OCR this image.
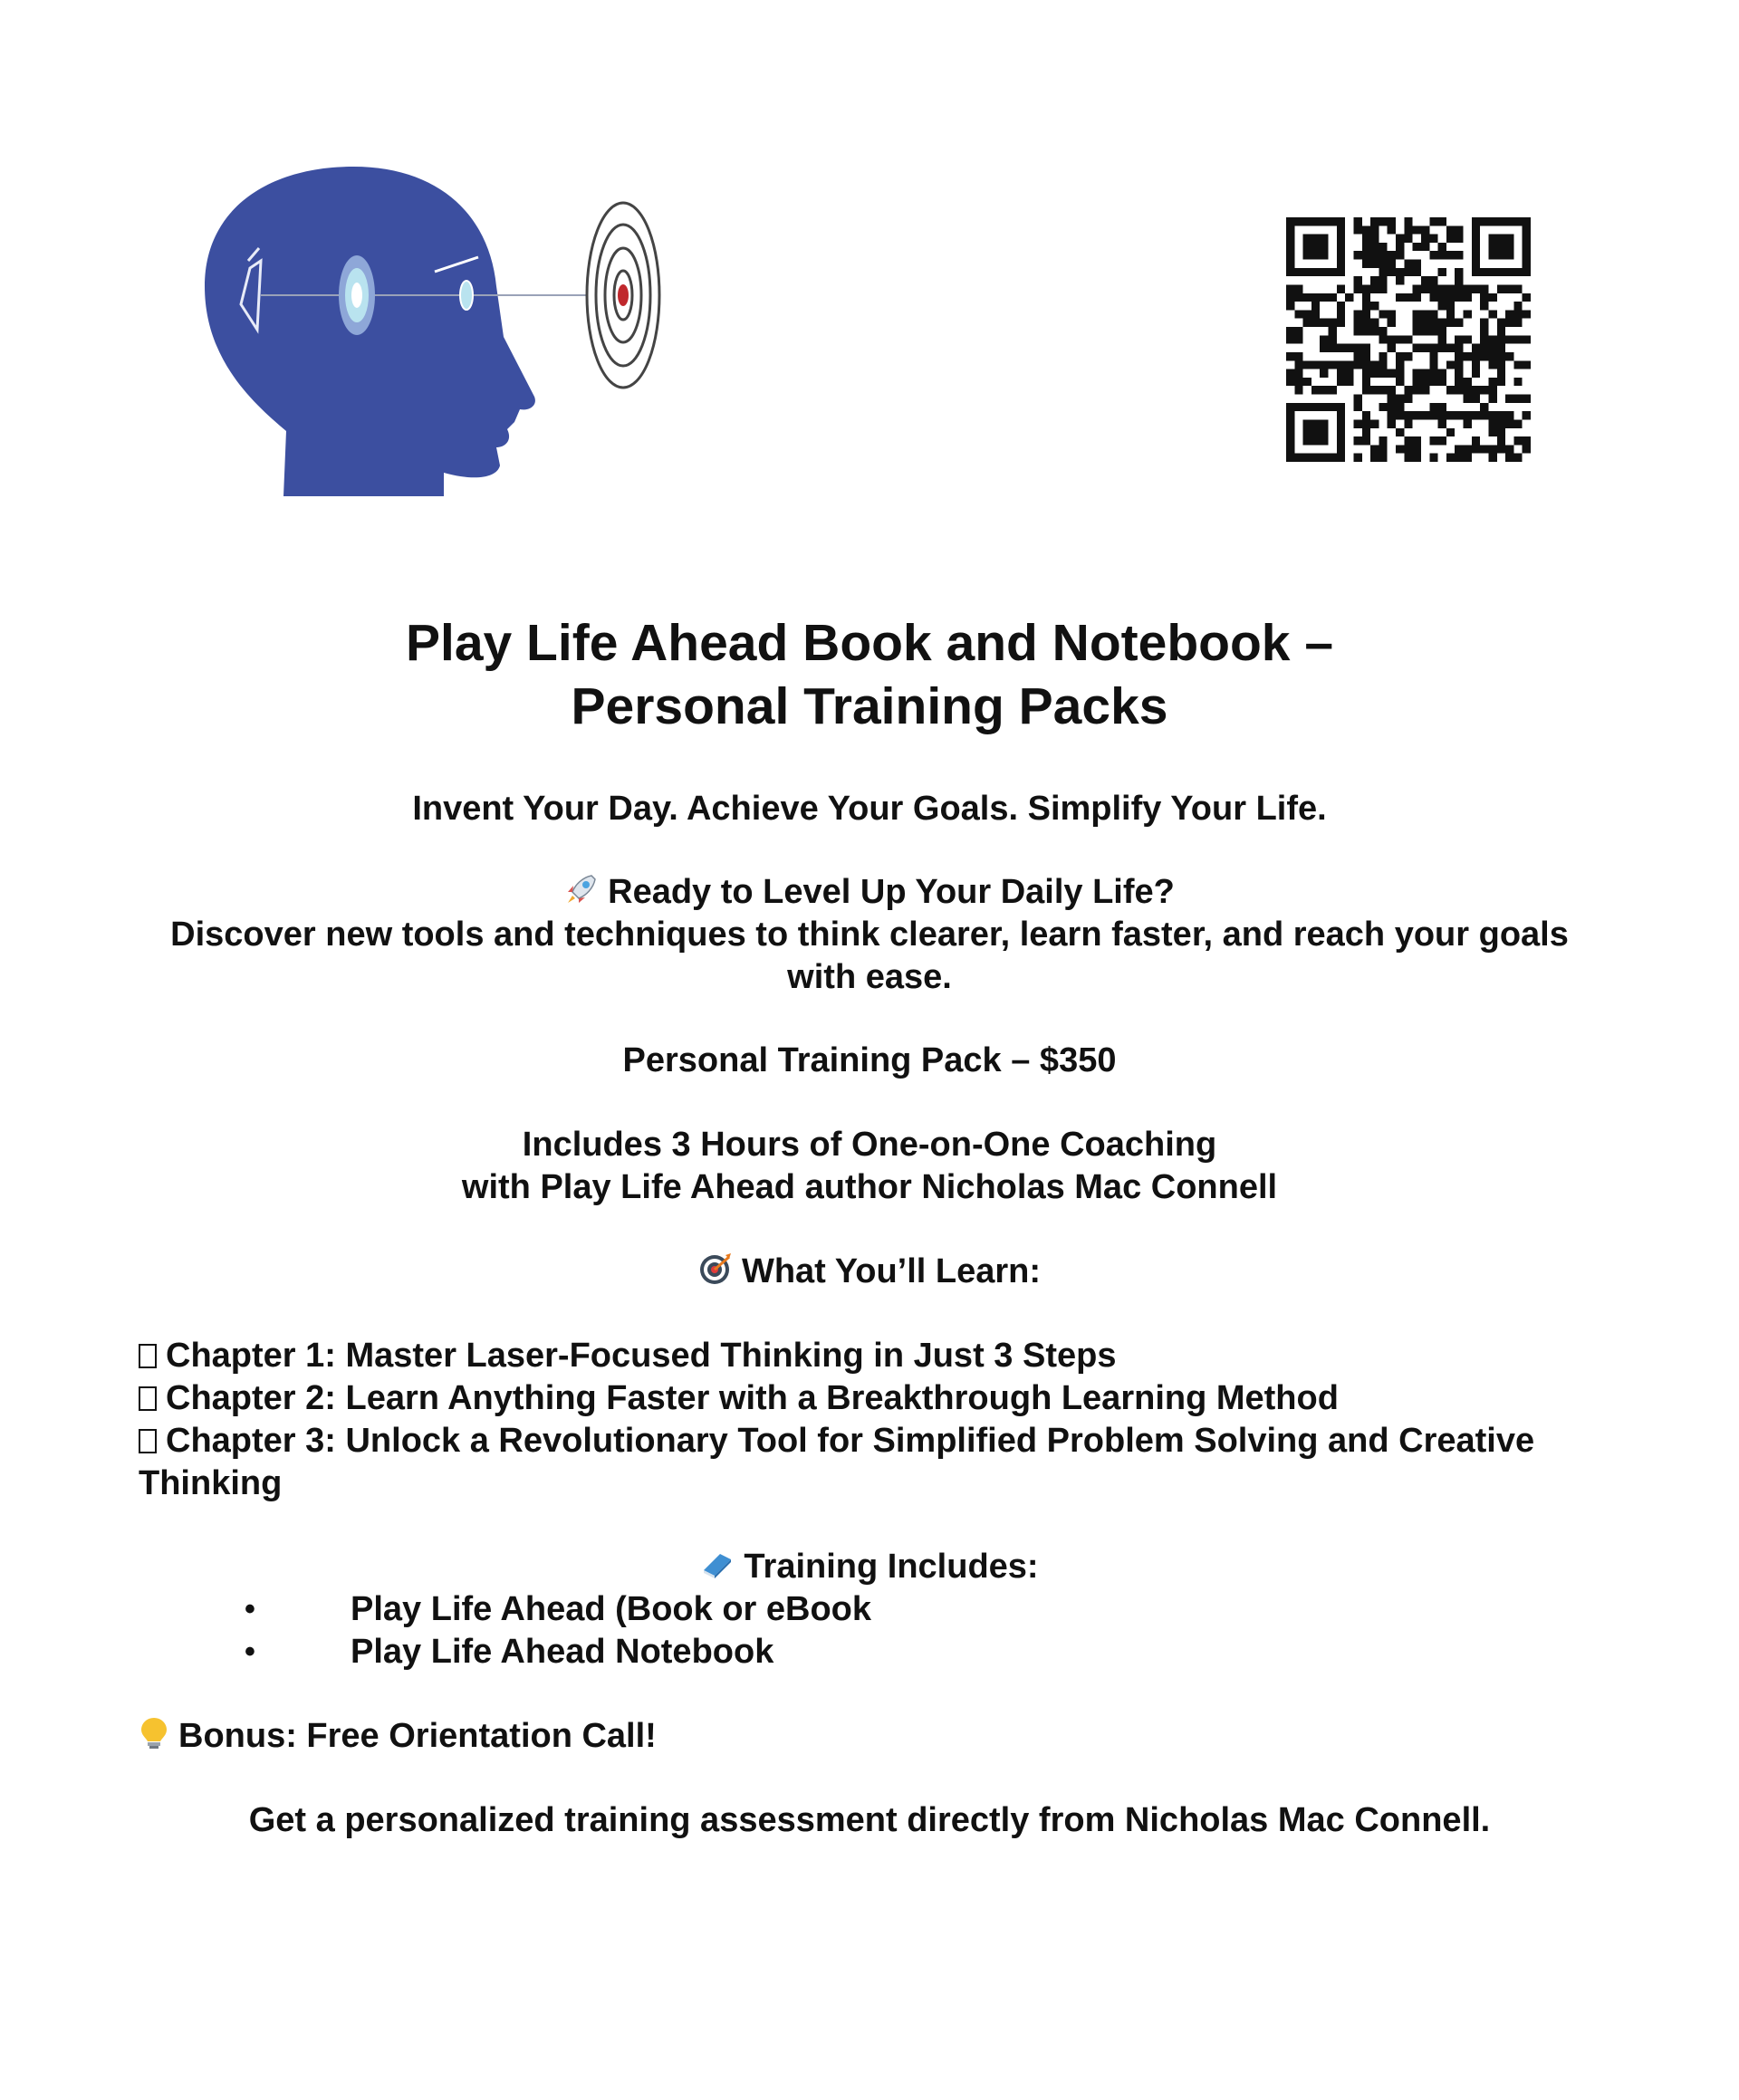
Play Life Ahead Book and Notebook –
Personal Training Packs
Invent Your Day. Achieve Your Goals. Simplify Your Life.
Ready to Level Up Your Daily Life?
Discover new tools and techniques to think clearer, learn faster, and reach your goals
with ease.
Personal Training Pack – $350
Includes 3 Hours of One-on-One Coaching
with Play Life Ahead author Nicholas Mac Connell
What You’ll Learn:
Chapter 1: Master Laser-Focused Thinking in Just 3 Steps
Chapter 2: Learn Anything Faster with a Breakthrough Learning Method
Chapter 3: Unlock a Revolutionary Tool for Simplified Problem Solving and Creative
Thinking
Training Includes:
•	Play Life Ahead (Book or eBook
•	Play Life Ahead Notebook
Bonus: Free Orientation Call!
Get a personalized training assessment directly from Nicholas Mac Connell.
